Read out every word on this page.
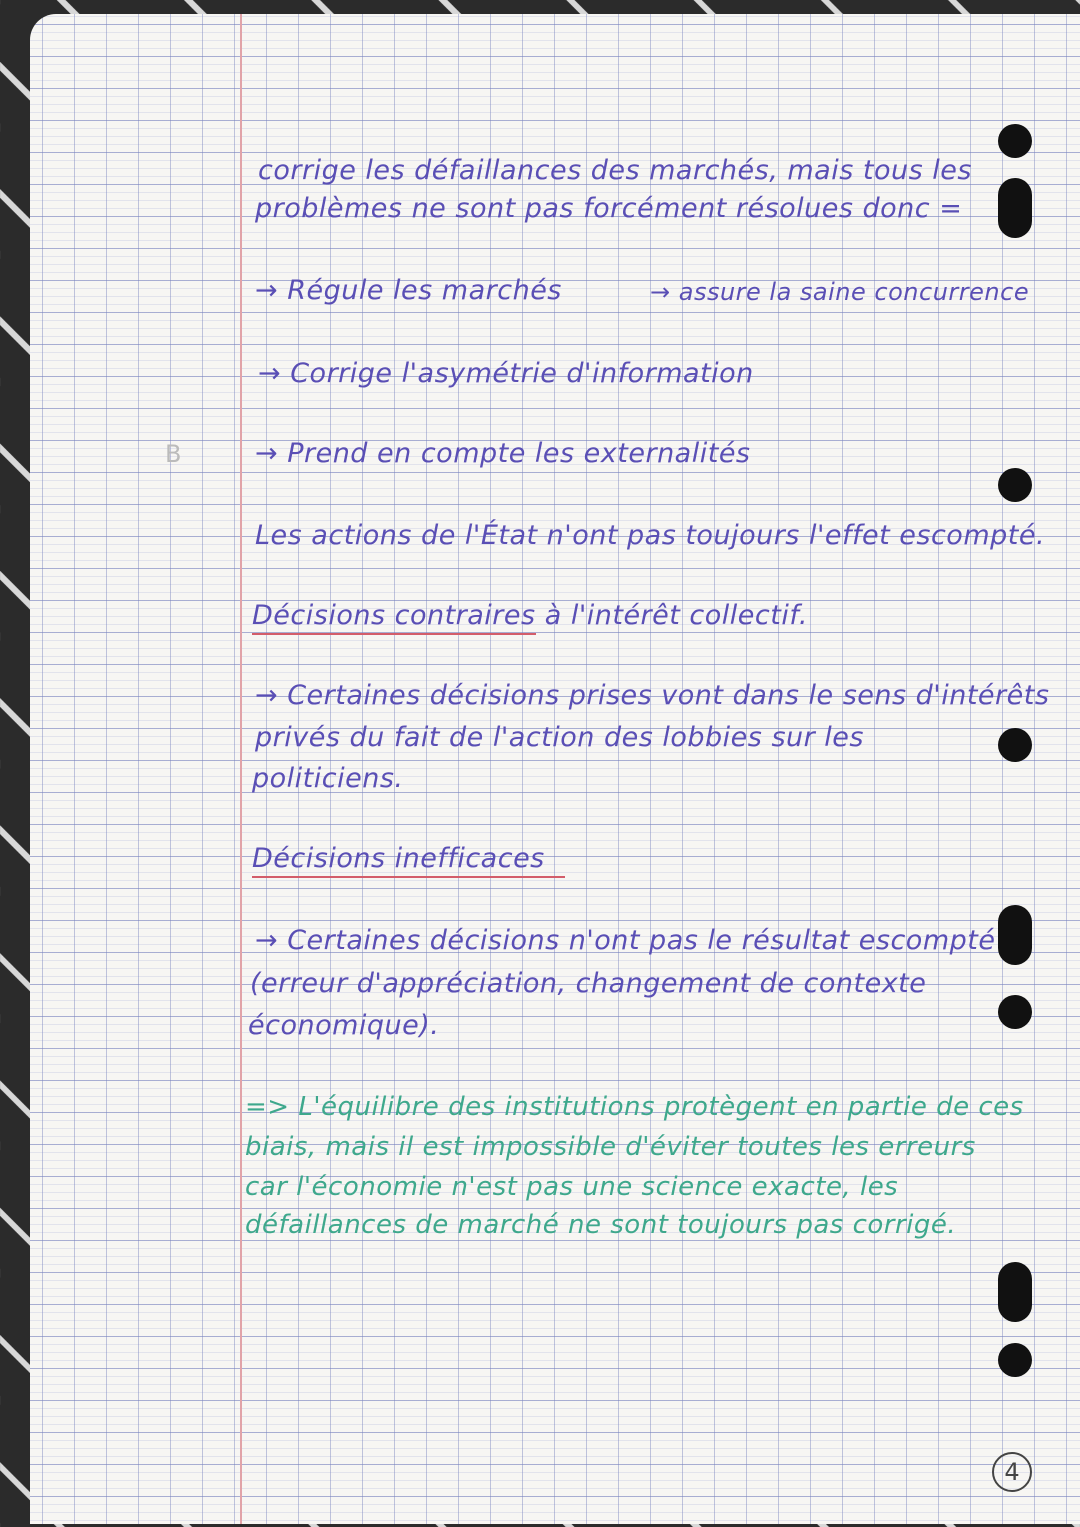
B
corrige les défaillances des marchés, mais tous les
problèmes ne sont pas forcément résolues donc =
→ Régule les marchés	→ assure la saine concurrence
→ Corrige l'asymétrie d'information
→ Prend en compte les externalités
Les actions de l'État n'ont pas toujours l'effet escompté.
Décisions contraires à l'intérêt collectif.
→ Certaines décisions prises vont dans le sens d'intérêts
privés du fait de l'action des lobbies sur les
politiciens.
Décisions inefficaces
→ Certaines décisions n'ont pas le résultat escompté
(erreur d'appréciation, changement de contexte
économique).
=> L'équilibre des institutions protègent en partie de ces
biais, mais il est impossible d'éviter toutes les erreurs
car l'économie n'est pas une science exacte, les
défaillances de marché ne sont toujours pas corrigé.
4
